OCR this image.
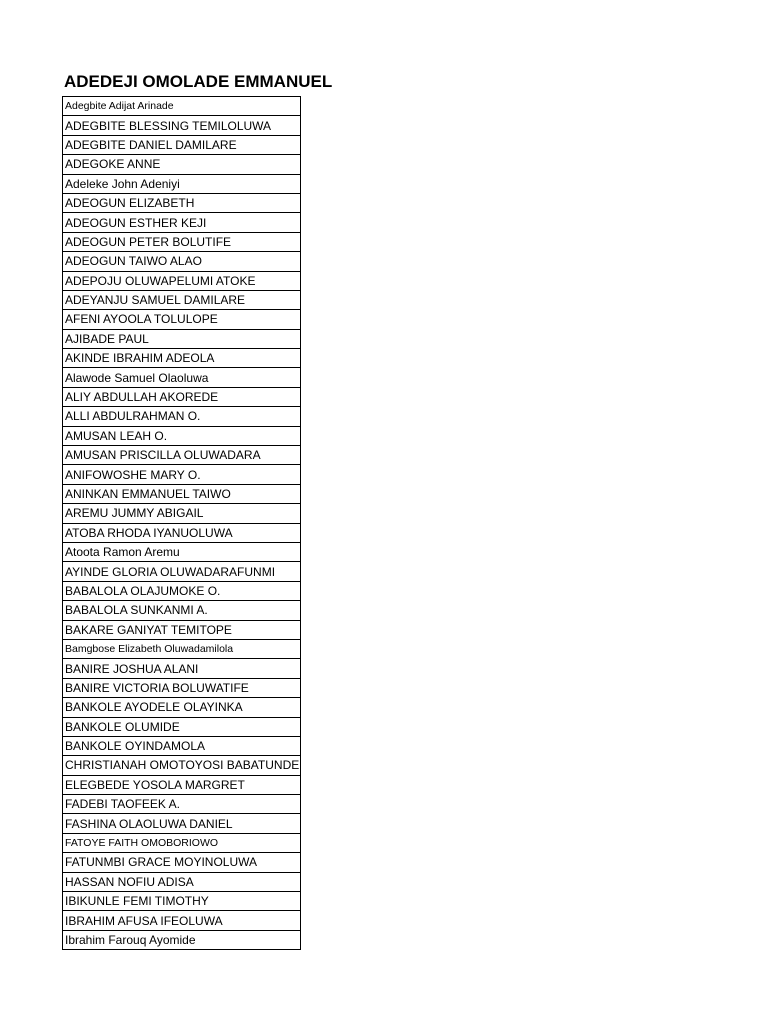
ADEDEJI OMOLADE EMMANUEL
Adegbite Adijat Arinade
ADEGBITE BLESSING TEMILOLUWA
ADEGBITE DANIEL DAMILARE
ADEGOKE ANNE
Adeleke John Adeniyi
ADEOGUN ELIZABETH
ADEOGUN ESTHER KEJI
ADEOGUN PETER BOLUTIFE
ADEOGUN TAIWO ALAO
ADEPOJU OLUWAPELUMI ATOKE
ADEYANJU SAMUEL DAMILARE
AFENI AYOOLA TOLULOPE
AJIBADE PAUL
AKINDE IBRAHIM ADEOLA
Alawode Samuel Olaoluwa
ALIY ABDULLAH AKOREDE
ALLI ABDULRAHMAN O.
AMUSAN LEAH O.
AMUSAN PRISCILLA OLUWADARA
ANIFOWOSHE MARY O.
ANINKAN EMMANUEL TAIWO
AREMU JUMMY ABIGAIL
ATOBA RHODA IYANUOLUWA
Atoota Ramon Aremu
AYINDE GLORIA OLUWADARAFUNMI
BABALOLA OLAJUMOKE O.
BABALOLA SUNKANMI A.
BAKARE GANIYAT TEMITOPE
Bamgbose Elizabeth Oluwadamilola
BANIRE JOSHUA ALANI
BANIRE VICTORIA BOLUWATIFE
BANKOLE AYODELE OLAYINKA
BANKOLE OLUMIDE
BANKOLE OYINDAMOLA
CHRISTIANAH OMOTOYOSI BABATUNDE
ELEGBEDE YOSOLA MARGRET
FADEBI TAOFEEK A.
FASHINA OLAOLUWA DANIEL
FATOYE FAITH OMOBORIOWO
FATUNMBI GRACE MOYINOLUWA
HASSAN NOFIU ADISA
IBIKUNLE FEMI TIMOTHY
IBRAHIM AFUSA IFEOLUWA
Ibrahim Farouq Ayomide
